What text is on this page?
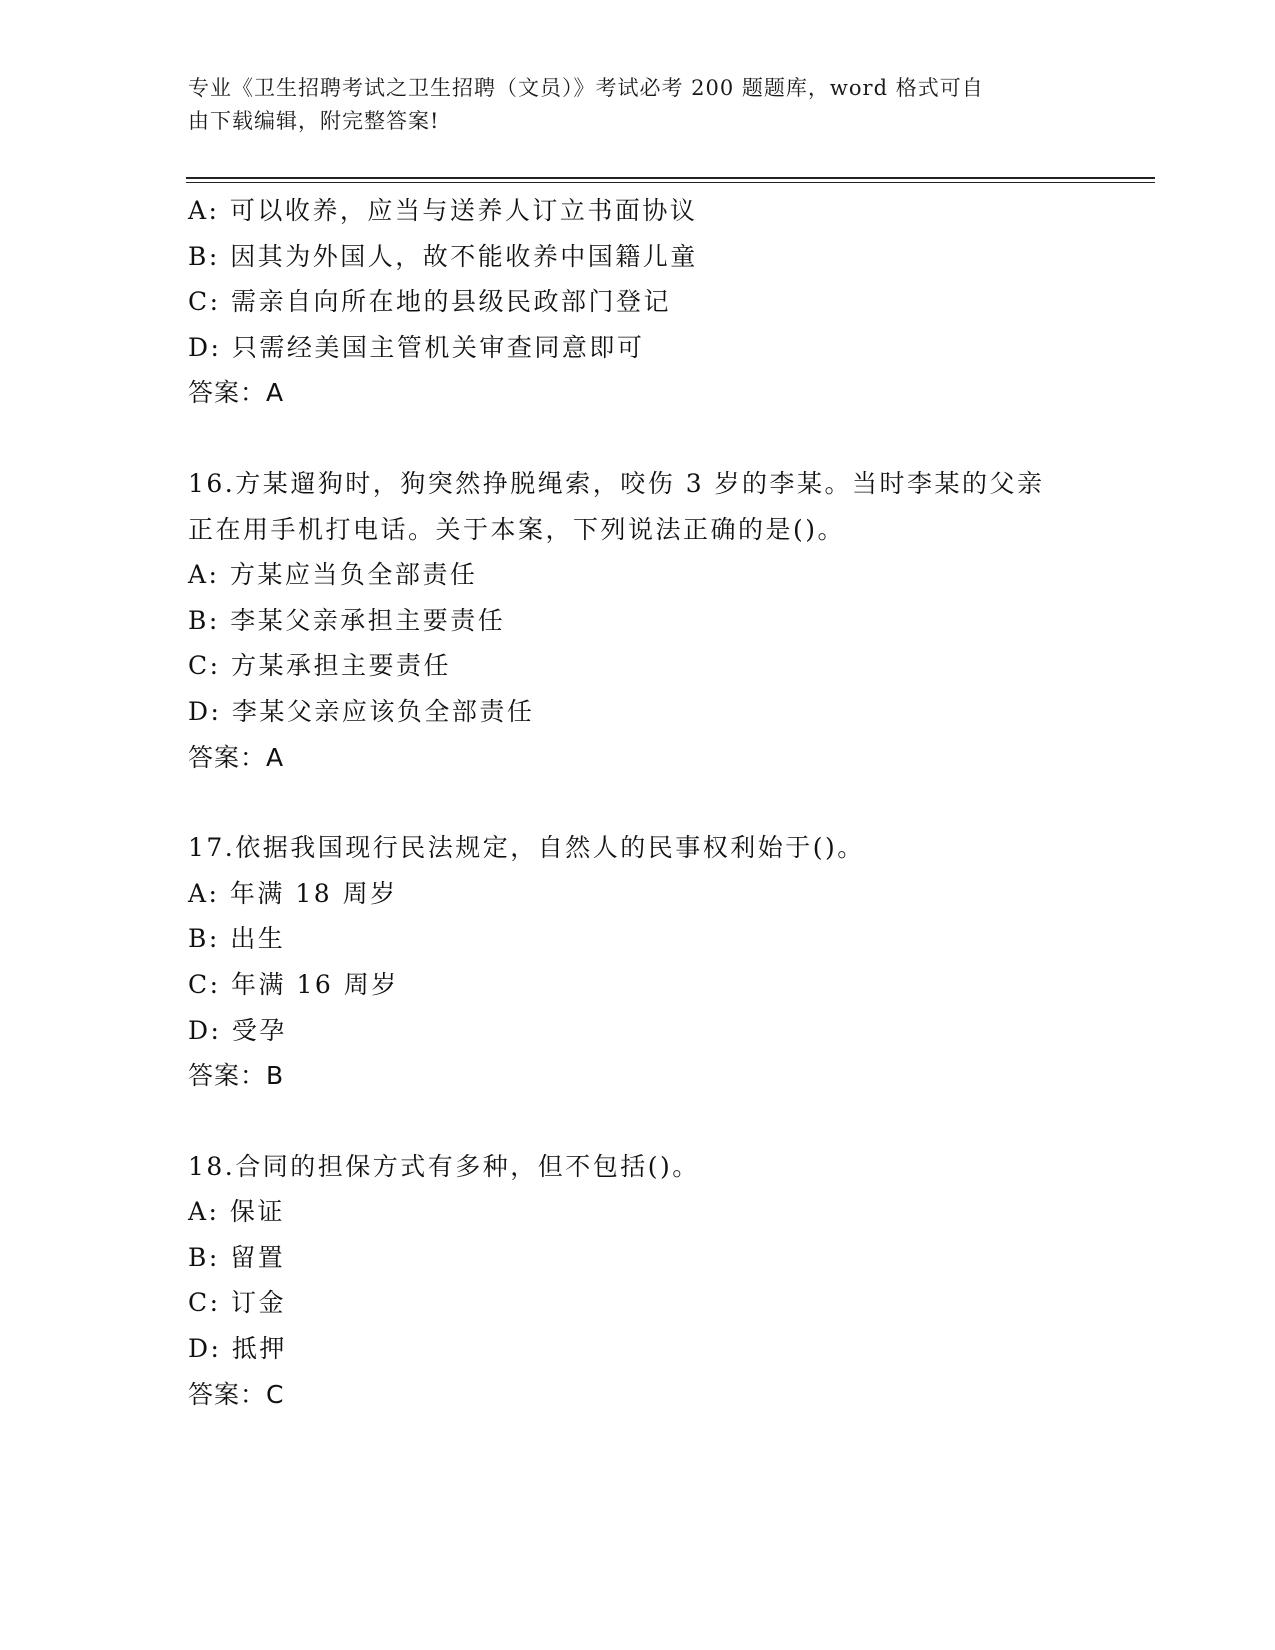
专业《卫生招聘考试之卫生招聘（文员）》考试必考 200 题题库，word 格式可自
由下载编辑，附完整答案!
A: 可以收养，应当与送养人订立书面协议
B: 因其为外国人，故不能收养中国籍儿童
C: 需亲自向所在地的县级民政部门登记
D: 只需经美国主管机关审查同意即可
答案：A
16.方某遛狗时，狗突然挣脱绳索，咬伤 3 岁的李某。当时李某的父亲
正在用手机打电话。关于本案，下列说法正确的是()。
A: 方某应当负全部责任
B: 李某父亲承担主要责任
C: 方某承担主要责任
D: 李某父亲应该负全部责任
答案：A
17.依据我国现行民法规定，自然人的民事权利始于()。
A: 年满 18 周岁
B: 出生
C: 年满 16 周岁
D: 受孕
答案：B
18.合同的担保方式有多种，但不包括()。
A: 保证
B: 留置
C: 订金
D: 抵押
答案：C
